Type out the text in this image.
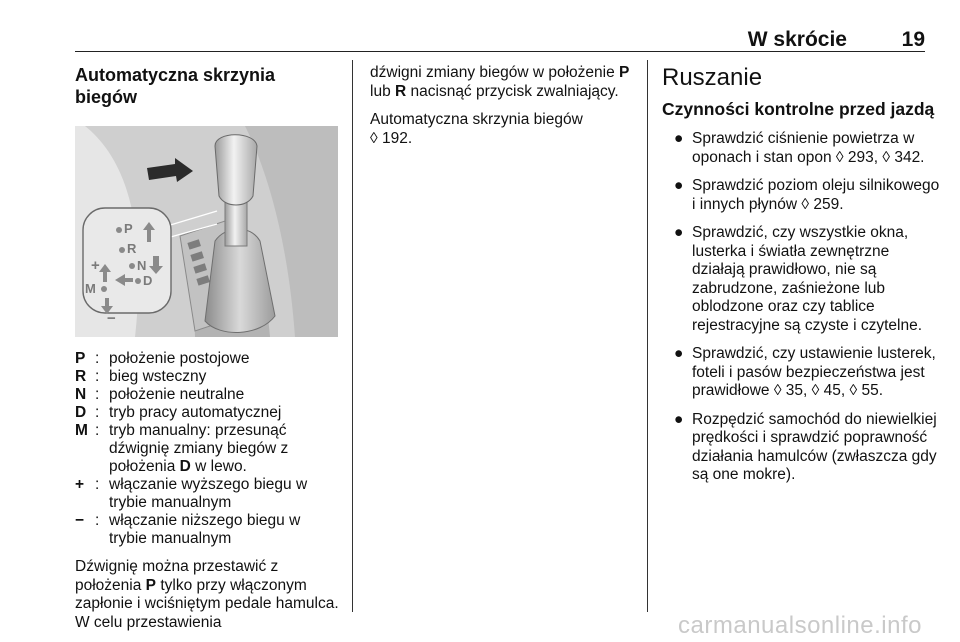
W skrócie	19
Automatyczna skrzynia biegów
P
R
N
D
M
+
−
P : położenie postojowe
R : bieg wsteczny
N : położenie neutralne
D : tryb pracy automatycznej
M : tryb manualny: przesunąć dźwignię zmiany biegów z położenia D w lewo.
+ : włączanie wyższego biegu w trybie manualnym
− : włączanie niższego biegu w trybie manualnym

Dźwignię można przestawić z położenia P tylko przy włączonym zapłonie i wciśniętym pedale hamulca. W celu przestawienia

dźwigni zmiany biegów w położenie P lub R nacisnąć przycisk zwalniający.

Automatyczna skrzynia biegów
◊ 192.

Ruszanie
Czynności kontrolne przed jazdą
● Sprawdzić ciśnienie powietrza w oponach i stan opon ◊ 293, ◊ 342.
● Sprawdzić poziom oleju silnikowego i innych płynów ◊ 259.
● Sprawdzić, czy wszystkie okna, lusterka i światła zewnętrzne działają prawidłowo, nie są zabrudzone, zaśnieżone lub oblodzone oraz czy tablice rejestracyjne są czyste i czytelne.
● Sprawdzić, czy ustawienie lusterek, foteli i pasów bezpieczeństwa jest prawidłowe ◊ 35, ◊ 45, ◊ 55.
● Rozpędzić samochód do niewielkiej prędkości i sprawdzić poprawność działania hamulców (zwłaszcza gdy są one mokre).
carmanualsonline.info
